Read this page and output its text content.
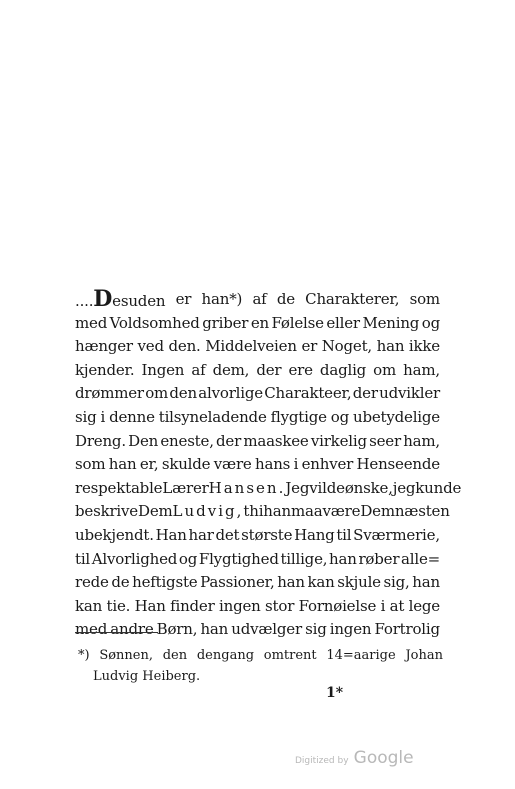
....Desuden er han*) af de Charakterer, som
med Voldsomhed griber en Følelse eller Mening og
hænger ved den. Middelveien er Noget, han ikke
kjender. Ingen af dem, der ere daglig om ham,
drømmer om den alvorlige Charakteer, der udvikler
sig i denne tilsyneladende flygtige og ubetydelige
Dreng. Den eneste, der maaskee virkelig seer ham,
som han er, skulde være hans i enhver Henseende
respektable Lærer Hansen. Jeg vilde ønske, jeg kunde
beskrive Dem Ludvig, thi han maa være Dem næsten
ubekjendt. Han har det største Hang til Sværmerie,
til Alvorlighed og Flygtighed tillige, han røber alle=
rede de heftigste Passioner, han kan skjule sig, han
kan tie. Han finder ingen stor Fornøielse i at lege
med andre Børn, han udvælger sig ingen Fortrolig
*) Sønnen, den dengang omtrent 14=aarige Johan
Ludvig Heiberg.
1*
Digitized by Google
